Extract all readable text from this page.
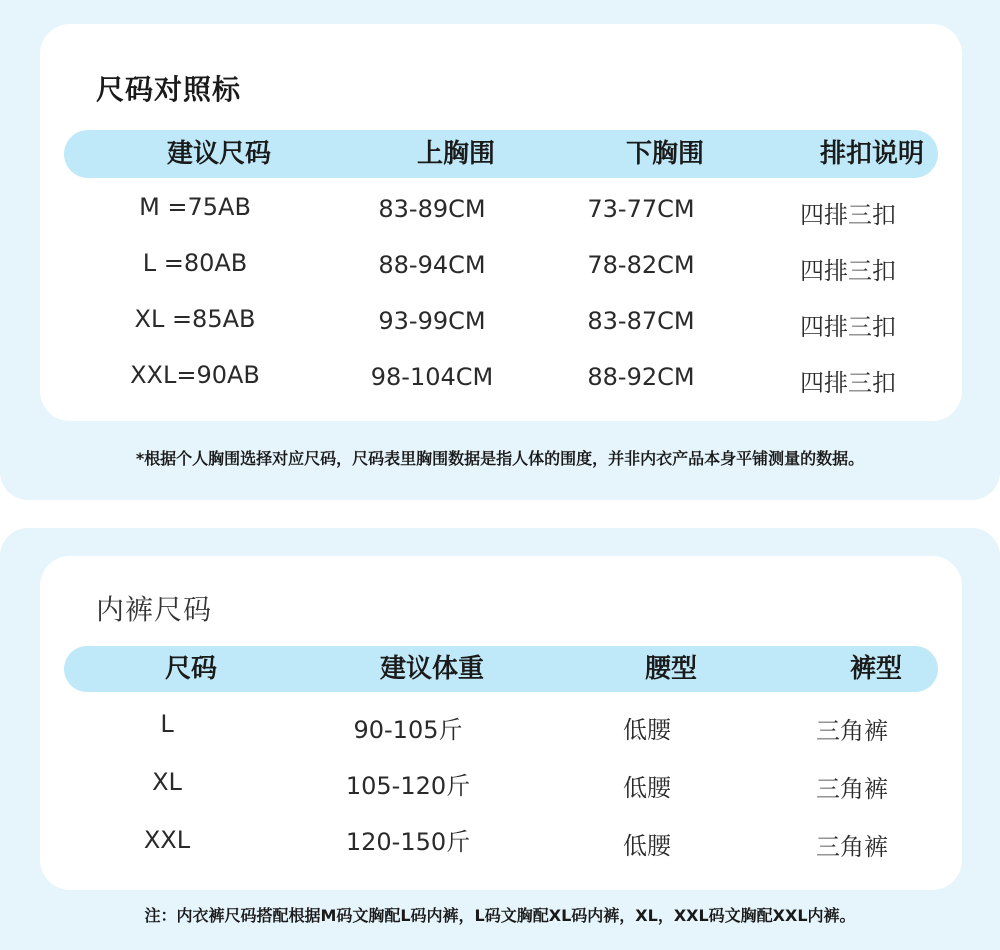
尺码对照标
建议尺码	上胸围	下胸围	排扣说明
M =75AB	83-89CM	73-77CM	四排三扣
L =80AB	88-94CM	78-82CM	四排三扣
XL =85AB	93-99CM	83-87CM	四排三扣
XXL=90AB	98-104CM	88-92CM	四排三扣
*根据个人胸围选择对应尺码，尺码表里胸围数据是指人体的围度，并非内衣产品本身平铺测量的数据。
内裤尺码
尺码	建议体重	腰型	裤型
L	90-105斤	低腰	三角裤
XL	105-120斤	低腰	三角裤
XXL	120-150斤	低腰	三角裤
注：内衣裤尺码搭配根据M码文胸配L码内裤，L码文胸配XL码内裤，XL，XXL码文胸配XXL内裤。
